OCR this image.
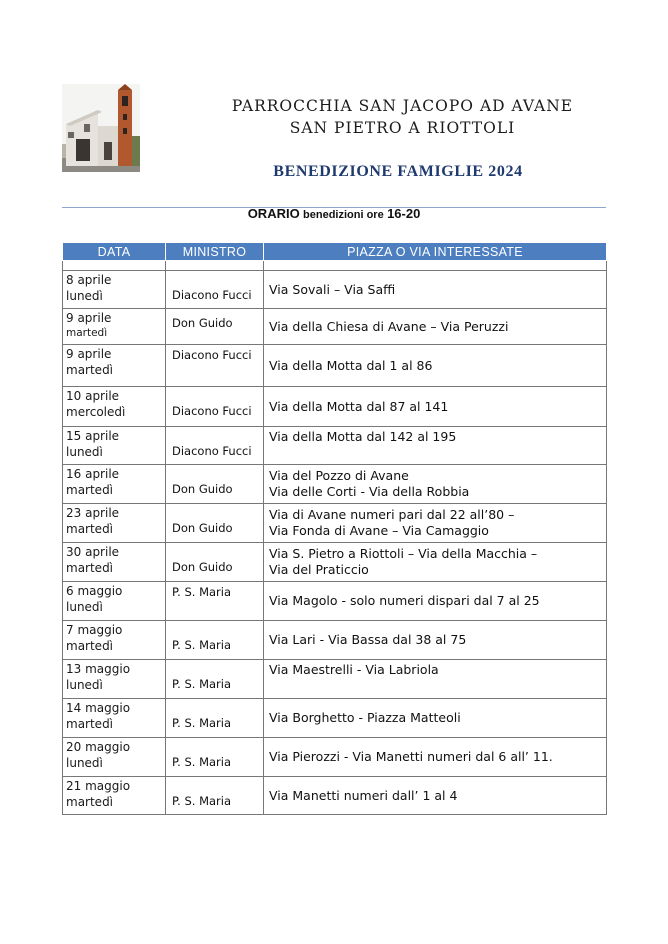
PARROCCHIA SAN JACOPO AD AVANE
SAN PIETRO A RIOTTOLI
BENEDIZIONE FAMIGLIE 2024
ORARIO benedizioni ore 16-20
DATA	MINISTRO	PIAZZA O VIA INTERESSATE

8 aprile
lunedì	Diacono Fucci	Via Sovali – Via Saffi
9 aprile
martedì	Don Guido	Via della Chiesa di Avane – Via Peruzzi
9 aprile
martedì	Diacono Fucci	Via della Motta dal 1 al 86
10 aprile
mercoledì	Diacono Fucci	Via della Motta dal 87 al 141
15 aprile
lunedì	Diacono Fucci	Via della Motta dal 142 al 195
16 aprile
martedì	Don Guido	Via del Pozzo di Avane
Via delle Corti - Via della Robbia
23 aprile
martedì	Don Guido	Via di Avane numeri pari dal 22 all’80 –
Via Fonda di Avane – Via Camaggio
30 aprile
martedì	Don Guido	Via S. Pietro a Riottoli – Via della Macchia –
Via del Praticcio
6 maggio
lunedì	P. S. Maria	Via Magolo - solo numeri dispari dal 7 al 25
7 maggio
martedì	P. S. Maria	Via Lari - Via Bassa dal 38 al 75
13 maggio
lunedì	P. S. Maria	Via Maestrelli - Via Labriola
14 maggio
martedì	P. S. Maria	Via Borghetto - Piazza Matteoli
20 maggio
lunedì	P. S. Maria	Via Pierozzi - Via Manetti numeri dal 6 all’ 11.
21 maggio
martedì	P. S. Maria	Via Manetti numeri dall’ 1 al 4
